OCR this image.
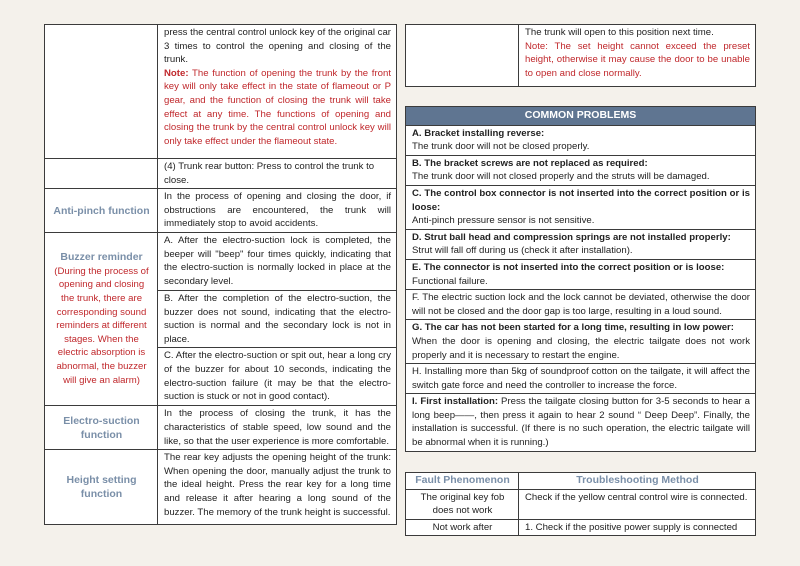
	press the central control unlock key of the original car 3 times to control the opening and closing of the trunk.
Note: The function of opening the trunk by the front key will only take effect in the state of flameout or P gear, and the function of closing the trunk will take effect at any time. The functions of opening and closing the trunk by the central control unlock key will only take effect under the flameout state.
	(4) Trunk rear button: Press to control the trunk to close.
Anti-pinch function	In the process of opening and closing the door, if obstructions are encountered, the trunk will immediately stop to avoid accidents.

Buzzer reminder
(During the process of opening and closing the trunk, there are corresponding sound reminders at different stages. When the electric absorption is abnormal, the buzzer will give an alarm)	A. After the electro-suction lock is completed, the beeper will "beep" four times quickly, indicating that the electro-suction is normally locked in place at the secondary level.
	B. After the completion of the electro-suction, the buzzer does not sound, indicating that the electro-suction is normal and the secondary lock is not in place.
	C. After the electro-suction or spit out, hear a long cry of the buzzer for about 10 seconds, indicating the electro-suction failure (it may be that the electro-suction is stuck or not in good contact).
Electro-suction function	In the process of closing the trunk, it has the characteristics of stable speed, low sound and the like, so that the user experience is more comfortable.
Height setting function	The rear key adjusts the opening height of the trunk: When opening the door, manually adjust the trunk to the ideal height. Press the rear key for a long time and release it after hearing a long sound of the buzzer. The memory of the trunk height is successful.
	The trunk will open to this position next time.
Note: The set height cannot exceed the preset height, otherwise it may cause the door to be unable to open and close normally.
COMMON PROBLEMS
A. Bracket installing reverse:
The trunk door will not be closed properly.
B. The bracket screws are not replaced as required:
The trunk door will not closed properly and the struts will be damaged.
C. The control box connector is not inserted into the correct position or is loose:
Anti-pinch pressure sensor is not sensitive.
D. Strut ball head and compression springs are not installed properly:
Strut will fall off during us (check it after installation).
E. The connector is not inserted into the correct position or is loose:
Functional failure.
F. The electric suction lock and the lock cannot be deviated, otherwise the door will not be closed and the door gap is too large, resulting in a loud sound.
G. The car has not been started for a long time, resulting in low power:
When the door is opening and closing, the electric tailgate does not work properly and it is necessary to restart the engine.
H. Installing more than 5kg of soundproof cotton on the tailgate, it will affect the switch gate force and need the controller to increase the force.
I. First installation: Press the tailgate closing button for 3-5 seconds to hear a long beep——, then press it again to hear 2 sound “ Deep Deep”. Finally, the installation is successful. (If there is no such operation, the electric tailgate will be abnormal when it is running.)
Fault Phenomenon	Troubleshooting Method
The original key fob does not work	Check if the yellow central control wire is connected.
Not work after	1. Check if the positive power supply is connected
